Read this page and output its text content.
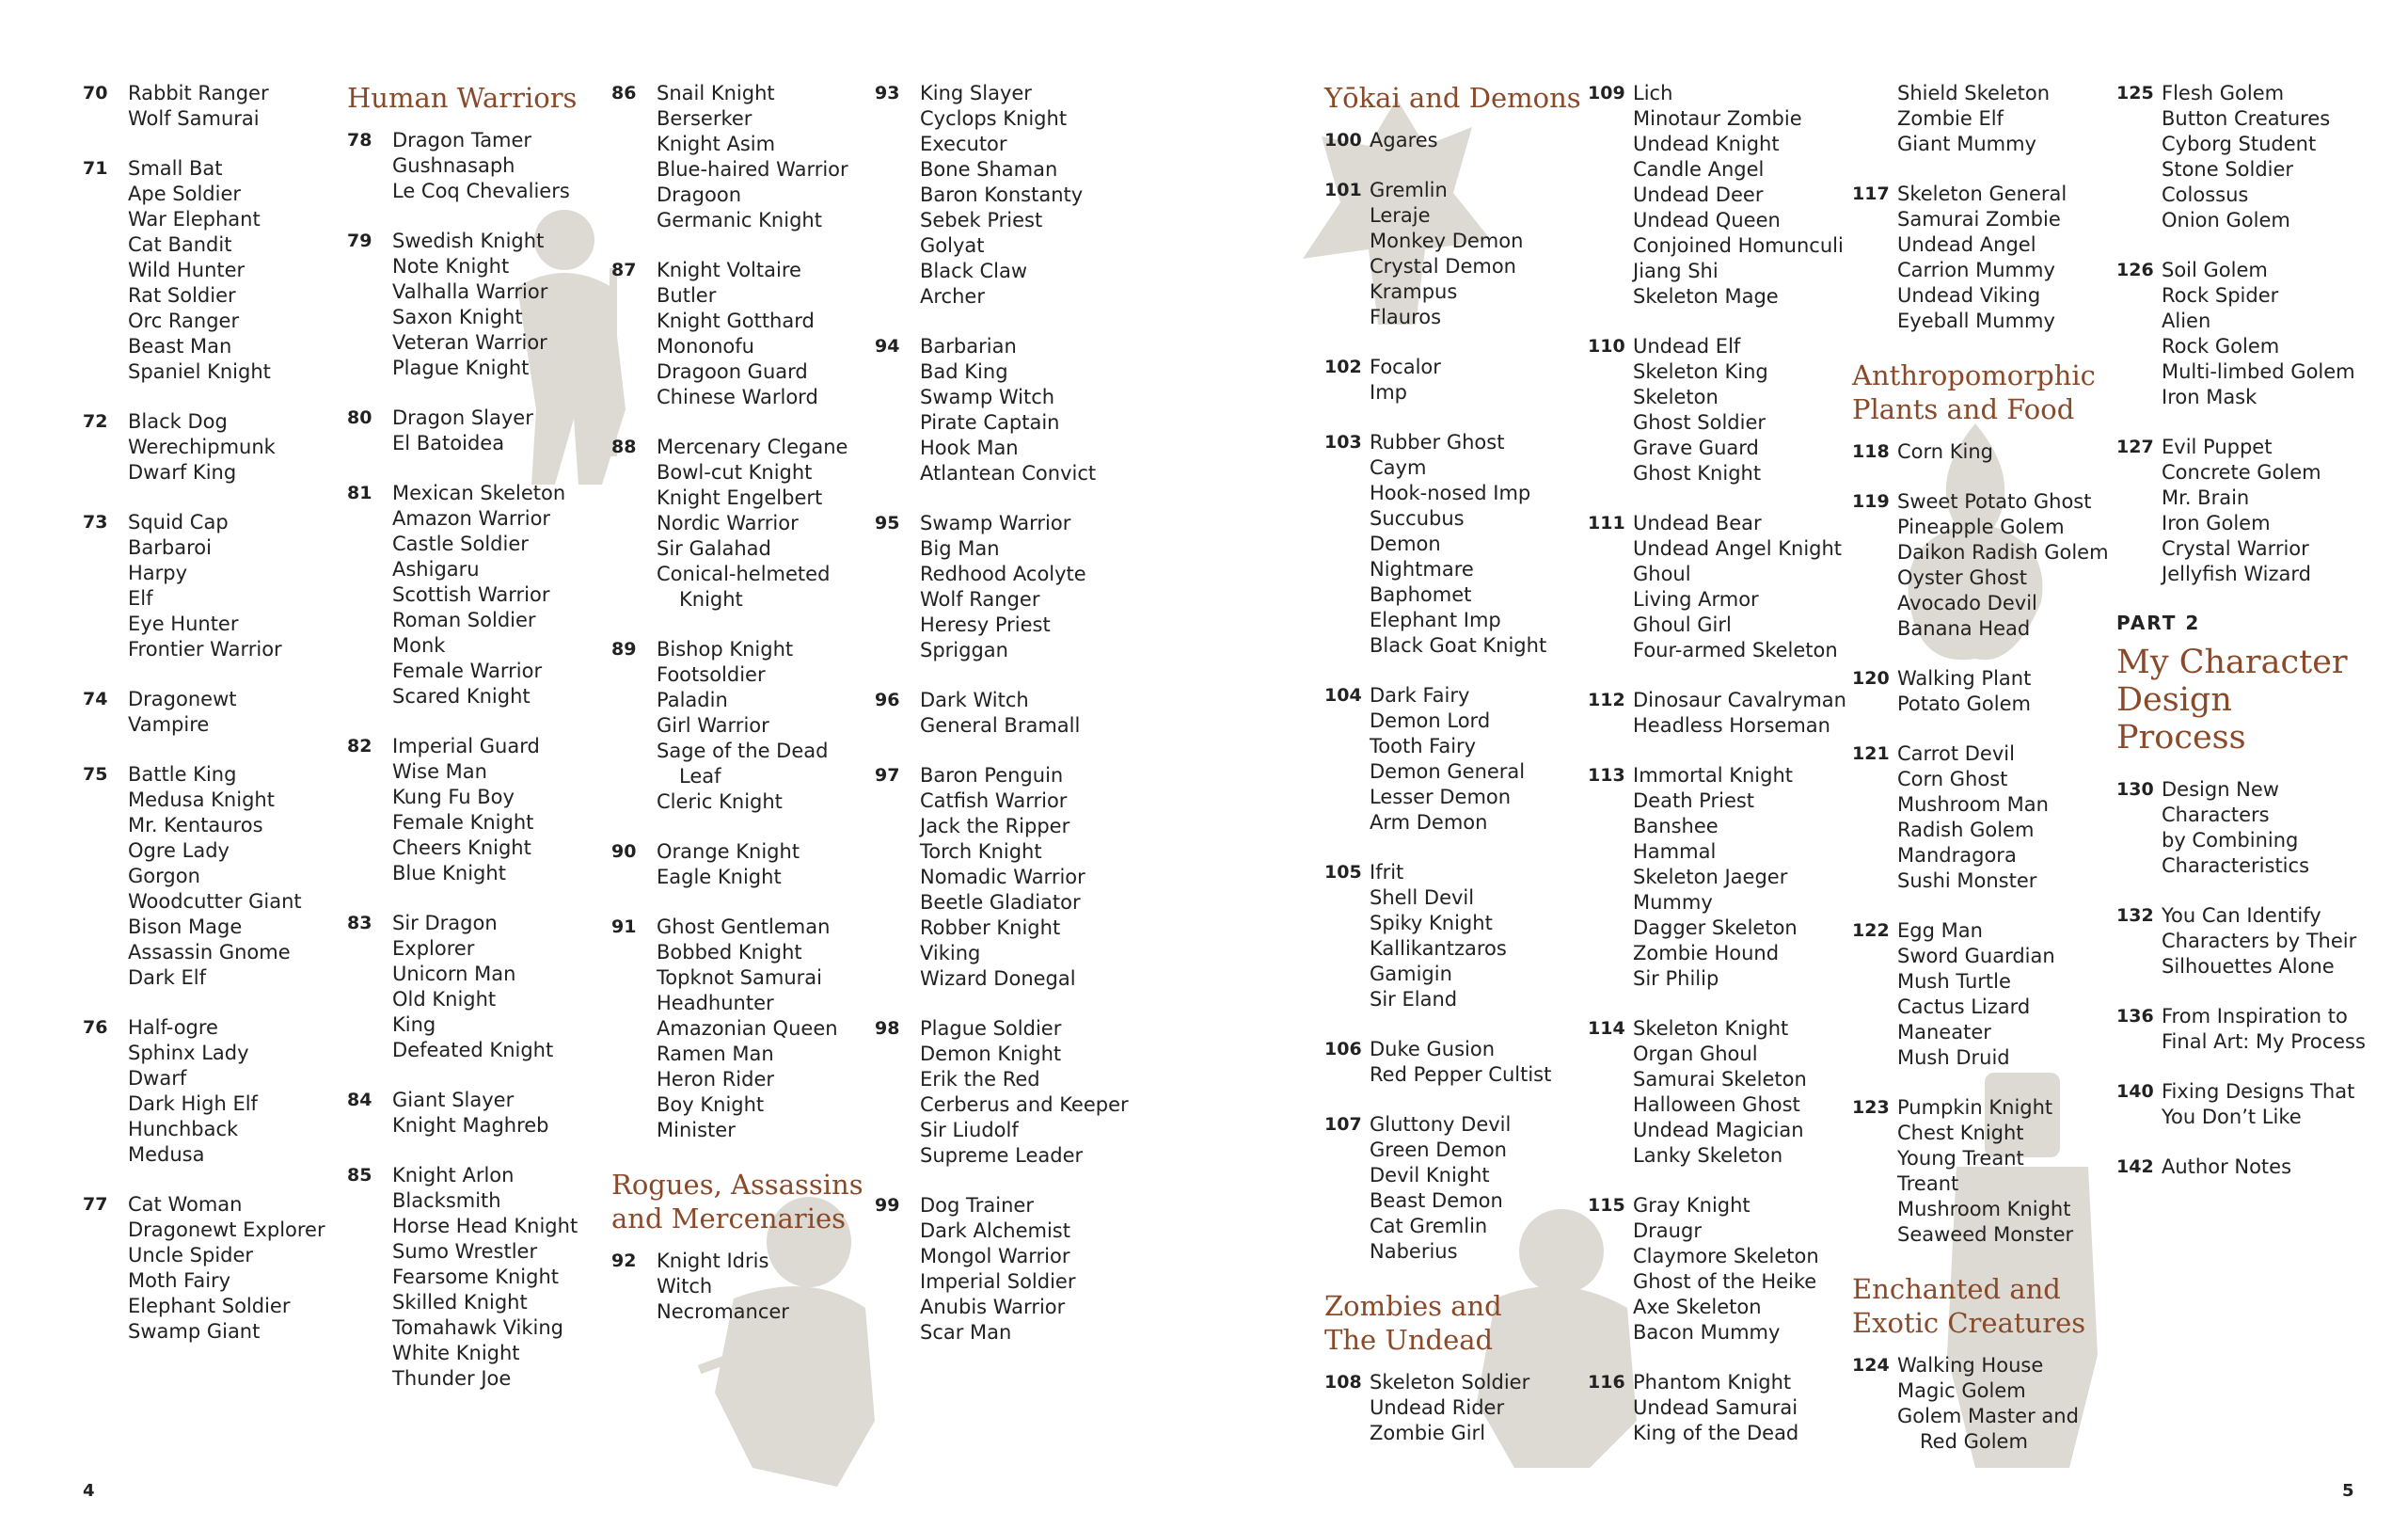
70 Rabbit Ranger
Wolf Samurai
71 Small Bat
Ape Soldier
War Elephant
Cat Bandit
Wild Hunter
Rat Soldier
Orc Ranger
Beast Man
Spaniel Knight
72 Black Dog
Werechipmunk
Dwarf King
73 Squid Cap
Barbaroi
Harpy
Elf
Eye Hunter
Frontier Warrior
74 Dragonewt
Vampire
75 Battle King
Medusa Knight
Mr. Kentauros
Ogre Lady
Gorgon
Woodcutter Giant
Bison Mage
Assassin Gnome
Dark Elf
76 Half-ogre
Sphinx Lady
Dwarf
Dark High Elf
Hunchback
Medusa
77 Cat Woman
Dragonewt Explorer
Uncle Spider
Moth Fairy
Elephant Soldier
Swamp Giant
Human Warriors
78 Dragon Tamer
Gushnasaph
Le Coq Chevaliers
79 Swedish Knight
Note Knight
Valhalla Warrior
Saxon Knight
Veteran Warrior
Plague Knight
80 Dragon Slayer
El Batoidea
81 Mexican Skeleton
Amazon Warrior
Castle Soldier
Ashigaru
Scottish Warrior
Roman Soldier
Monk
Female Warrior
Scared Knight
82 Imperial Guard
Wise Man
Kung Fu Boy
Female Knight
Cheers Knight
Blue Knight
83 Sir Dragon
Explorer
Unicorn Man
Old Knight
King
Defeated Knight
84 Giant Slayer
Knight Maghreb
85 Knight Arlon
Blacksmith
Horse Head Knight
Sumo Wrestler
Fearsome Knight
Skilled Knight
Tomahawk Viking
White Knight
Thunder Joe
86 Snail Knight
Berserker
Knight Asim
Blue-haired Warrior
Dragoon
Germanic Knight
87 Knight Voltaire
Butler
Knight Gotthard
Mononofu
Dragoon Guard
Chinese Warlord
88 Mercenary Clegane
Bowl-cut Knight
Knight Engelbert
Nordic Warrior
Sir Galahad
Conical-helmeted
Knight
89 Bishop Knight
Footsoldier
Paladin
Girl Warrior
Sage of the Dead
Leaf
Cleric Knight
90 Orange Knight
Eagle Knight
91 Ghost Gentleman
Bobbed Knight
Topknot Samurai
Headhunter
Amazonian Queen
Ramen Man
Heron Rider
Boy Knight
Minister
Rogues, Assassins
and Mercenaries
92 Knight Idris
Witch
Necromancer
93 King Slayer
Cyclops Knight
Executor
Bone Shaman
Baron Konstanty
Sebek Priest
Golyat
Black Claw
Archer
94 Barbarian
Bad King
Swamp Witch
Pirate Captain
Hook Man
Atlantean Convict
95 Swamp Warrior
Big Man
Redhood Acolyte
Wolf Ranger
Heresy Priest
Spriggan
96 Dark Witch
General Bramall
97 Baron Penguin
Catfish Warrior
Jack the Ripper
Torch Knight
Nomadic Warrior
Beetle Gladiator
Robber Knight
Viking
Wizard Donegal
98 Plague Soldier
Demon Knight
Erik the Red
Cerberus and Keeper
Sir Liudolf
Supreme Leader
99 Dog Trainer
Dark Alchemist
Mongol Warrior
Imperial Soldier
Anubis Warrior
Scar Man
Yōkai and Demons
100 Agares
101 Gremlin
Leraje
Monkey Demon
Crystal Demon
Krampus
Flauros
102 Focalor
Imp
103 Rubber Ghost
Caym
Hook-nosed Imp
Succubus
Demon
Nightmare
Baphomet
Elephant Imp
Black Goat Knight
104 Dark Fairy
Demon Lord
Tooth Fairy
Demon General
Lesser Demon
Arm Demon
105 Ifrit
Shell Devil
Spiky Knight
Kallikantzaros
Gamigin
Sir Eland
106 Duke Gusion
Red Pepper Cultist
107 Gluttony Devil
Green Demon
Devil Knight
Beast Demon
Cat Gremlin
Naberius
Zombies and
The Undead
108 Skeleton Soldier
Undead Rider
Zombie Girl
109 Lich
Minotaur Zombie
Undead Knight
Candle Angel
Undead Deer
Undead Queen
Conjoined Homunculi
Jiang Shi
Skeleton Mage
110 Undead Elf
Skeleton King
Skeleton
Ghost Soldier
Grave Guard
Ghost Knight
111 Undead Bear
Undead Angel Knight
Ghoul
Living Armor
Ghoul Girl
Four-armed Skeleton
112 Dinosaur Cavalryman
Headless Horseman
113 Immortal Knight
Death Priest
Banshee
Hammal
Skeleton Jaeger
Mummy
Dagger Skeleton
Zombie Hound
Sir Philip
114 Skeleton Knight
Organ Ghoul
Samurai Skeleton
Halloween Ghost
Undead Magician
Lanky Skeleton
115 Gray Knight
Draugr
Claymore Skeleton
Ghost of the Heike
Axe Skeleton
Bacon Mummy
116 Phantom Knight
Undead Samurai
King of the Dead
Shield Skeleton
Zombie Elf
Giant Mummy
117 Skeleton General
Samurai Zombie
Undead Angel
Carrion Mummy
Undead Viking
Eyeball Mummy
Anthropomorphic
Plants and Food
118 Corn King
119 Sweet Potato Ghost
Pineapple Golem
Daikon Radish Golem
Oyster Ghost
Avocado Devil
Banana Head
120 Walking Plant
Potato Golem
121 Carrot Devil
Corn Ghost
Mushroom Man
Radish Golem
Mandragora
Sushi Monster
122 Egg Man
Sword Guardian
Mush Turtle
Cactus Lizard
Maneater
Mush Druid
123 Pumpkin Knight
Chest Knight
Young Treant
Treant
Mushroom Knight
Seaweed Monster
Enchanted and
Exotic Creatures
124 Walking House
Magic Golem
Golem Master and
Red Golem
125 Flesh Golem
Button Creatures
Cyborg Student
Stone Soldier
Colossus
Onion Golem
126 Soil Golem
Rock Spider
Alien
Rock Golem
Multi-limbed Golem
Iron Mask
127 Evil Puppet
Concrete Golem
Mr. Brain
Iron Golem
Crystal Warrior
Jellyfish Wizard
PART 2
My Character
Design Process
130 Design New
Characters
by Combining
Characteristics
132 You Can Identify
Characters by Their
Silhouettes Alone
136 From Inspiration to
Final Art: My Process
140 Fixing Designs That
You Don’t Like
142 Author Notes
4	5
